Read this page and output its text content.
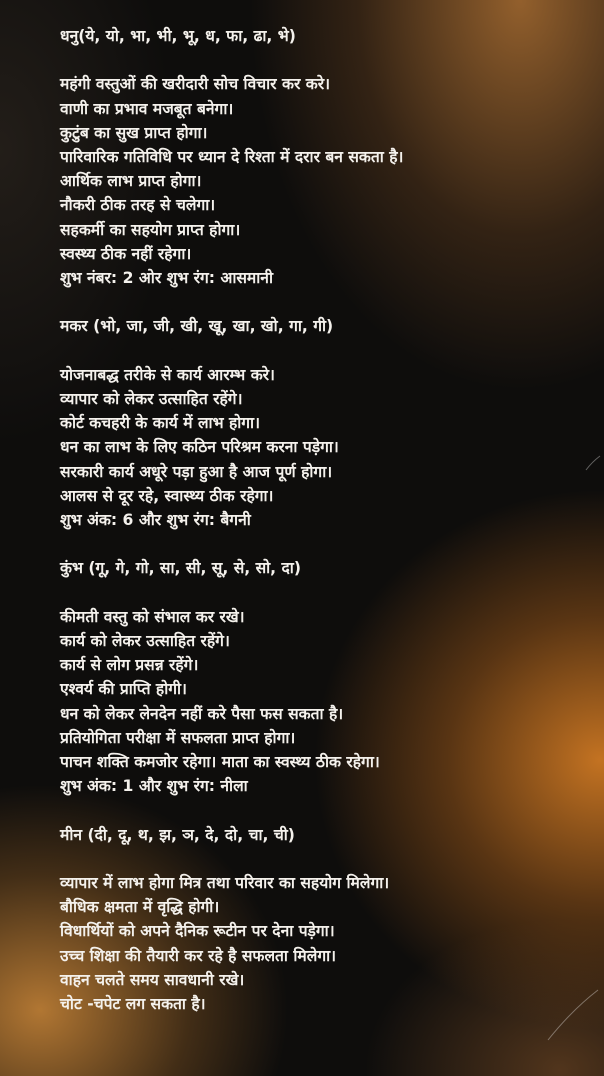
धनु(ये, यो, भा, भी, भू, ध, फा, ढा, भे)
महंगी वस्तुओं की खरीदारी सोच विचार कर करे।
वाणी का प्रभाव मजबूत बनेगा।
कुटुंब का सुख प्राप्त होगा।
पारिवारिक गतिविधि पर ध्यान दे रिश्ता में दरार बन सकता है।
आर्थिक लाभ प्राप्त होगा।
नौकरी ठीक तरह से चलेगा।
सहकर्मी का सहयोग प्राप्त होगा।
स्वस्थ्य ठीक नहीं रहेगा।
शुभ नंबर: 2 ओर शुभ रंग: आसमानी
मकर (भो, जा, जी, खी, खू, खा, खो, गा, गी)
योजनाबद्ध तरीके से कार्य आरम्भ करे।
व्यापार को लेकर उत्साहित रहेंगे।
कोर्ट कचहरी के कार्य में लाभ होगा।
धन का लाभ के लिए कठिन परिश्रम करना पड़ेगा।
सरकारी कार्य अधूरे पड़ा हुआ है आज पूर्ण होगा।
आलस से दूर रहे, स्वास्थ्य ठीक रहेगा।
शुभ अंक: 6 और शुभ रंग: बैगनी
कुंभ (गू, गे, गो, सा, सी, सू, से, सो, दा)
कीमती वस्तु को संभाल कर रखे।
कार्य को लेकर उत्साहित रहेंगे।
कार्य से लोग प्रसन्न रहेंगे।
एश्वर्य की प्राप्ति होगी।
धन को लेकर लेनदेन नहीं करे पैसा फस सकता है।
प्रतियोगिता परीक्षा में सफलता प्राप्त होगा।
पाचन शक्ति कमजोर रहेगा। माता का स्वस्थ्य ठीक रहेगा।
शुभ अंक: 1 और शुभ रंग: नीला
मीन (दी, दू, थ, झ, ञ, दे, दो, चा, ची)
व्यापार में लाभ होगा मित्र तथा परिवार का सहयोग मिलेगा।
बौधिक क्षमता में वृद्धि होगी।
विधार्थियों को अपने दैनिक रूटीन पर देना पड़ेगा।
उच्च शिक्षा की तैयारी कर रहे है सफलता मिलेगा।
वाहन चलते समय सावधानी रखे।
चोट -चपेट लग सकता है।
